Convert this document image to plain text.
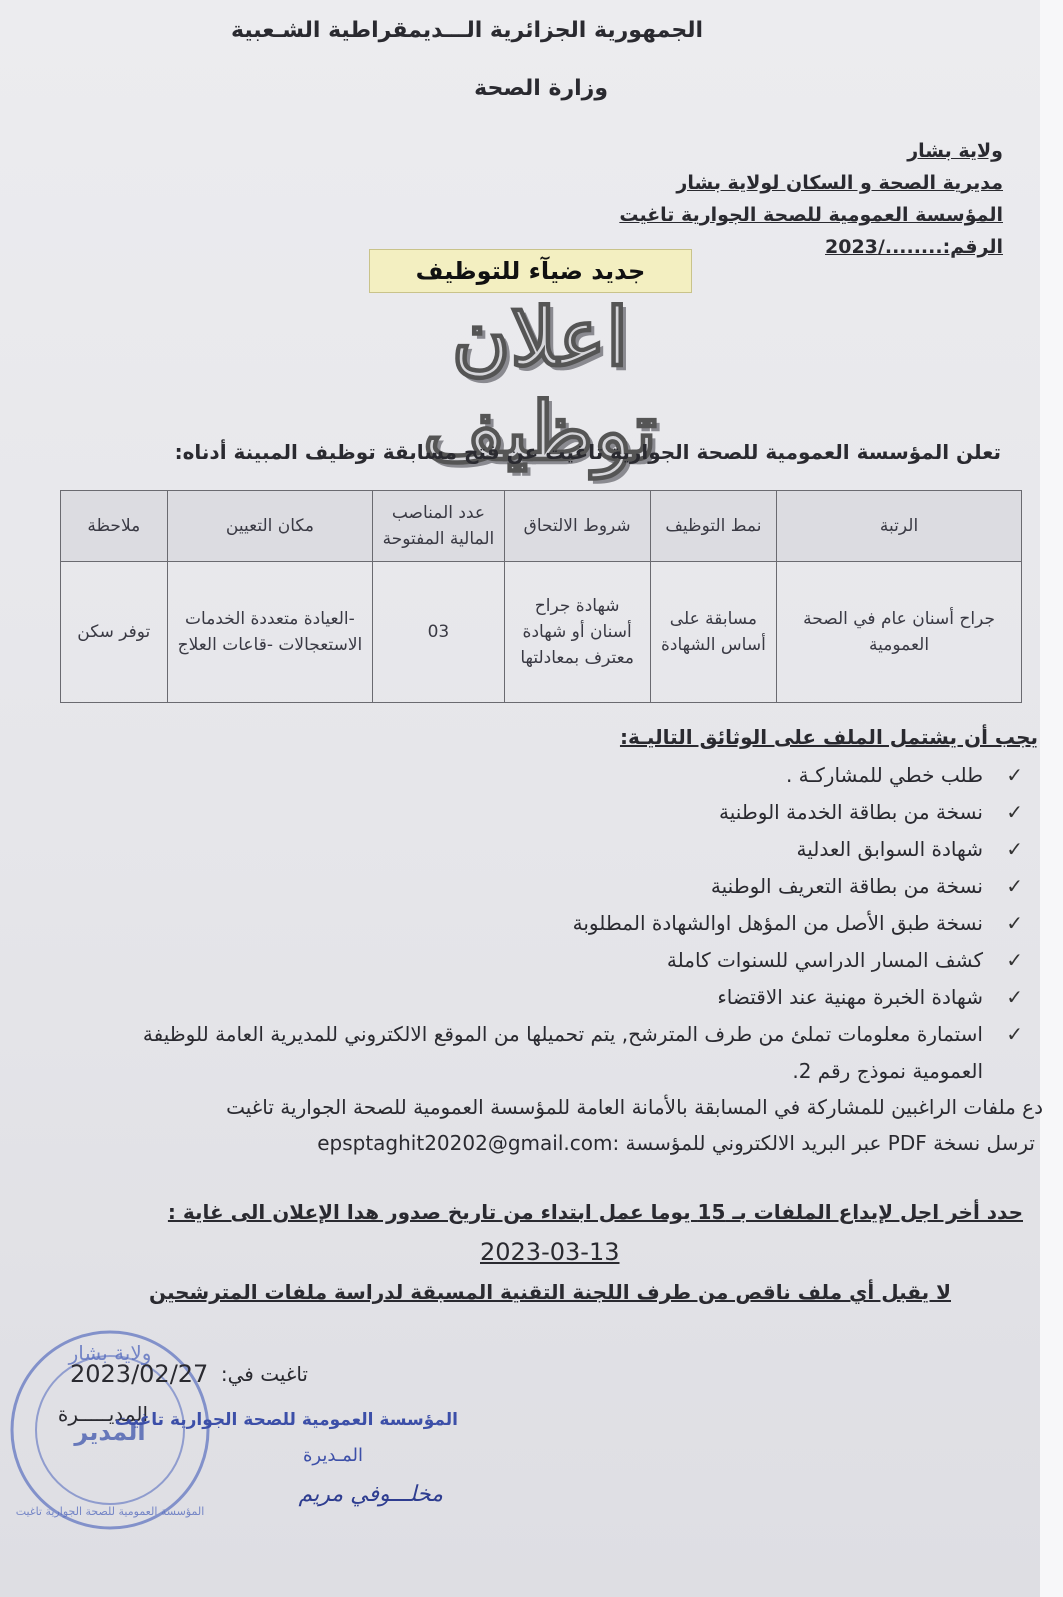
الجمهورية الجزائرية الـــديمقراطية الشـعبية
وزارة الصحة
ولاية بشار
مديرية الصحة و السكان لولاية بشار
المؤسسة العمومية للصحة الجوارية تاغيت
الرقم:......../2023
جديد ضيآء للتوظيف
اعلان توظيف
تعلن المؤسسة العمومية للصحة الجوارية تاغيت عن فتح مسابقة توظيف المبينة أدناه:
الرتبة	نمط التوظيف	شروط الالتحاق	عدد المناصب المالية المفتوحة	مكان التعيين	ملاحظة
جراح أسنان عام في الصحة العمومية	مسابقة على أساس الشهادة	شهادة جراح أسنان أو شهادة معترف بمعادلتها	03	-العيادة متعددة الخدمات الاستعجالات -قاعات العلاج	توفر سكن
يجب أن يشتمل الملف على الوثائق التاليـة:
✓
طلب خطي للمشاركـة .
✓
نسخة من بطاقة الخدمة الوطنية
✓
شهادة السوابق العدلية
✓
نسخة من بطاقة التعريف الوطنية
✓
نسخة طبق الأصل من المؤهل اوالشهادة المطلوبة
✓
كشف المسار الدراسي للسنوات كاملة
✓
شهادة الخبرة مهنية عند الاقتضاء
✓
استمارة معلومات تملئ من طرف المترشح, يتم تحميلها من الموقع الالكتروني للمديرية العامة للوظيفة العمومية نموذج رقم 2.
دع ملفات الراغبين للمشاركة في المسابقة بالأمانة العامة للمؤسسة العمومية للصحة الجوارية تاغيت
ترسل نسخة PDF عبر البريد الالكتروني للمؤسسة :epsptaghit20202@gmail.com
حدد أخر اجل لإيداع الملفات بـ 15 يوما عمل ابتداء من تاريخ صدور هدا الإعلان الى غاية :
2023-03-13
لا يقبل أي ملف ناقص من طرف اللجنة التقنية المسبقة لدراسة ملفات المترشحين
ولاية بشار
المدير
المؤسسة العمومية للصحة الجوارية تاغيت
تاغيت في:
2023/02/27
المديـــــرة
المؤسسة العمومية للصحة الجوارية تاغيت
المـديرة
مخلـــوفي مريم
